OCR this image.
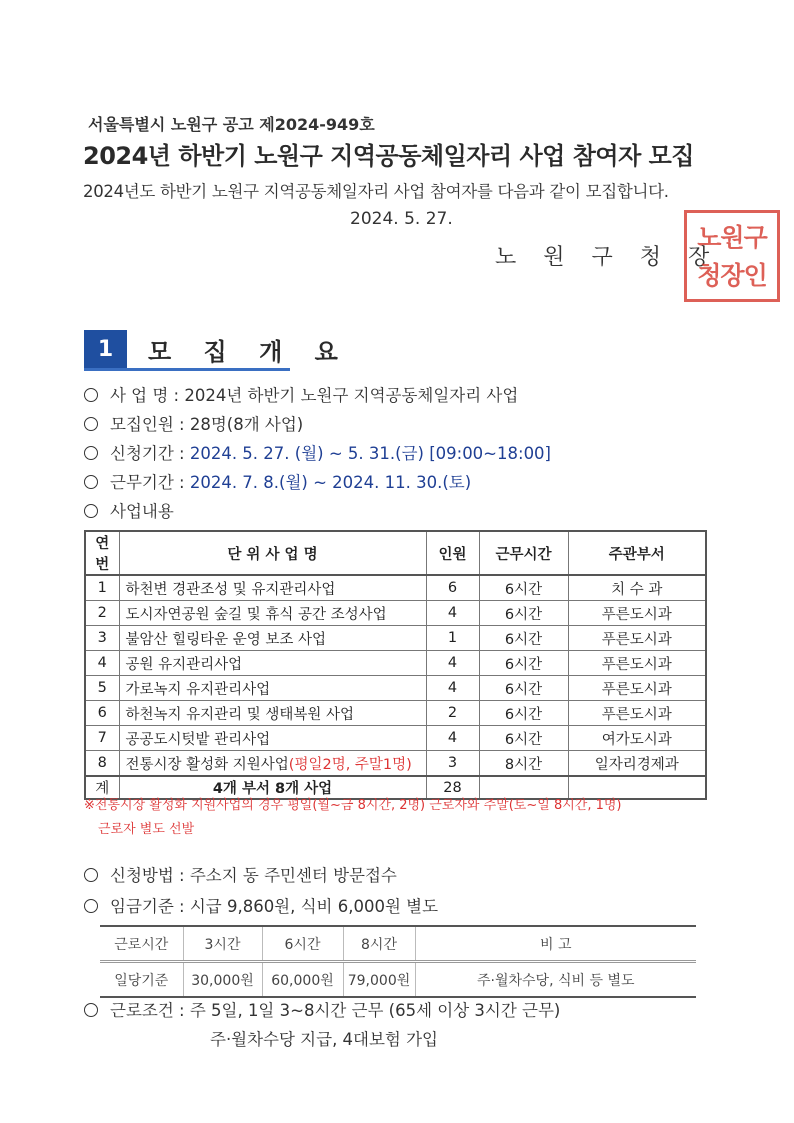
서울특별시 노원구 공고 제2024-949호
2024년 하반기 노원구 지역공동체일자리 사업 참여자 모집
2024년도 하반기 노원구 지역공동체일자리 사업 참여자를 다음과 같이 모집합니다.
2024. 5. 27.
노 원 구 청 장
노원구
청장인
1	모 집 개 요
사 업 명 : 2024년 하반기 노원구 지역공동체일자리 사업
모집인원 : 28명(8개 사업)
신청기간 : 2024. 5. 27. (월) ~ 5. 31.(금) [09:00~18:00]
근무기간 : 2024. 7. 8.(월) ~ 2024. 11. 30.(토)
사업내용
연번	단 위 사 업 명	인원	근무시간	주관부서
1	하천변 경관조성 및 유지관리사업	6	6시간	치 수 과
2	도시자연공원 숲길 및 휴식 공간 조성사업	4	6시간	푸른도시과
3	불암산 힐링타운 운영 보조 사업	1	6시간	푸른도시과
4	공원 유지관리사업	4	6시간	푸른도시과
5	가로녹지 유지관리사업	4	6시간	푸른도시과
6	하천녹지 유지관리 및 생태복원 사업	2	6시간	푸른도시과
7	공공도시텃밭 관리사업	4	6시간	여가도시과
8	전통시장 활성화 지원사업(평일2명, 주말1명)	3	8시간	일자리경제과
계	4개 부서 8개 사업	28		
※전통시장 활성화 지원사업의 경우 평일(월~금 8시간, 2명) 근로자와 주말(토~일 8시간, 1명)
근로자 별도 선발
신청방법 : 주소지 동 주민센터 방문접수
임금기준 : 시급 9,860원, 식비 6,000원 별도
근로시간	3시간	6시간	8시간	비 고
일당기준	30,000원	60,000원	79,000원	주·월차수당, 식비 등 별도
근로조건 : 주 5일, 1일 3~8시간 근무 (65세 이상 3시간 근무)
주·월차수당 지급, 4대보험 가입
